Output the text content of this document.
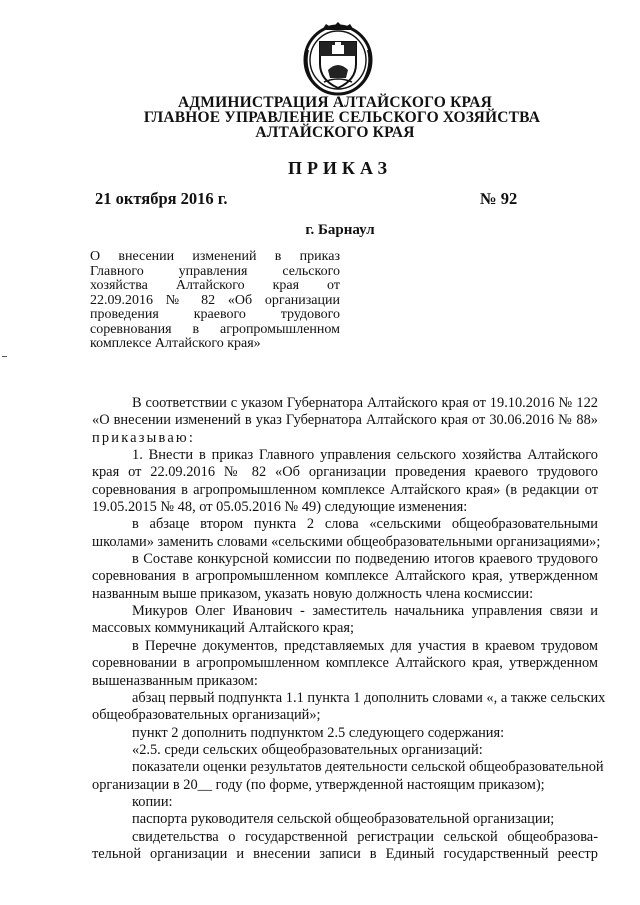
АДМИНИСТРАЦИЯ АЛТАЙСКОГО КРАЯ
ГЛАВНОЕ УПРАВЛЕНИЕ СЕЛЬСКОГО ХОЗЯЙСТВА
АЛТАЙСКОГО КРАЯ
ПРИКАЗ
21 октября 2016 г.	№ 92
г. Барнаул
О внесении изменений в приказ
Главного управления сельского
хозяйства Алтайского края от
22.09.2016 № 82 «Об организации
проведения краевого трудового
соревнования в агропромышленном
комплексе Алтайского края»
В соответствии с указом Губернатора Алтайского края от 19.10.2016 № 122
«О внесении изменений в указ Губернатора Алтайского края от 30.06.2016 № 88»
приказываю:
1. Внести в приказ Главного управления сельского хозяйства Алтайского
края от 22.09.2016 № 82 «Об организации проведения краевого трудового
соревнования в агропромышленном комплексе Алтайского края» (в редакции от
19.05.2015 № 48, от 05.05.2016 № 49) следующие изменения:
в абзаце втором пункта 2 слова «сельскими общеобразовательными
школами» заменить словами «сельскими общеобразовательными организациями»;
в Составе конкурсной комиссии по подведению итогов краевого трудового
соревнования в агропромышленном комплексе Алтайского края, утвержденном
названным выше приказом, указать новую должность члена космиссии:
Микуров Олег Иванович - заместитель начальника управления связи и
массовых коммуникаций Алтайского края;
в Перечне документов, представляемых для участия в краевом трудовом
соревновании в агропромышленном комплексе Алтайского края, утвержденном
вышеназванным приказом:
абзац первый подпункта 1.1 пункта 1 дополнить словами «, а также сельских
общеобразовательных организаций»;
пункт 2 дополнить подпунктом 2.5 следующего содержания:
«2.5. среди сельских общеобразовательных организаций:
показатели оценки результатов деятельности сельской общеобразовательной
организации в 20__ году (по форме, утвержденной настоящим приказом);
копии:
паспорта руководителя сельской общеобразовательной организации;
свидетельства о государственной регистрации сельской общеобразова-
тельной организации и внесении записи в Единый государственный реестр
